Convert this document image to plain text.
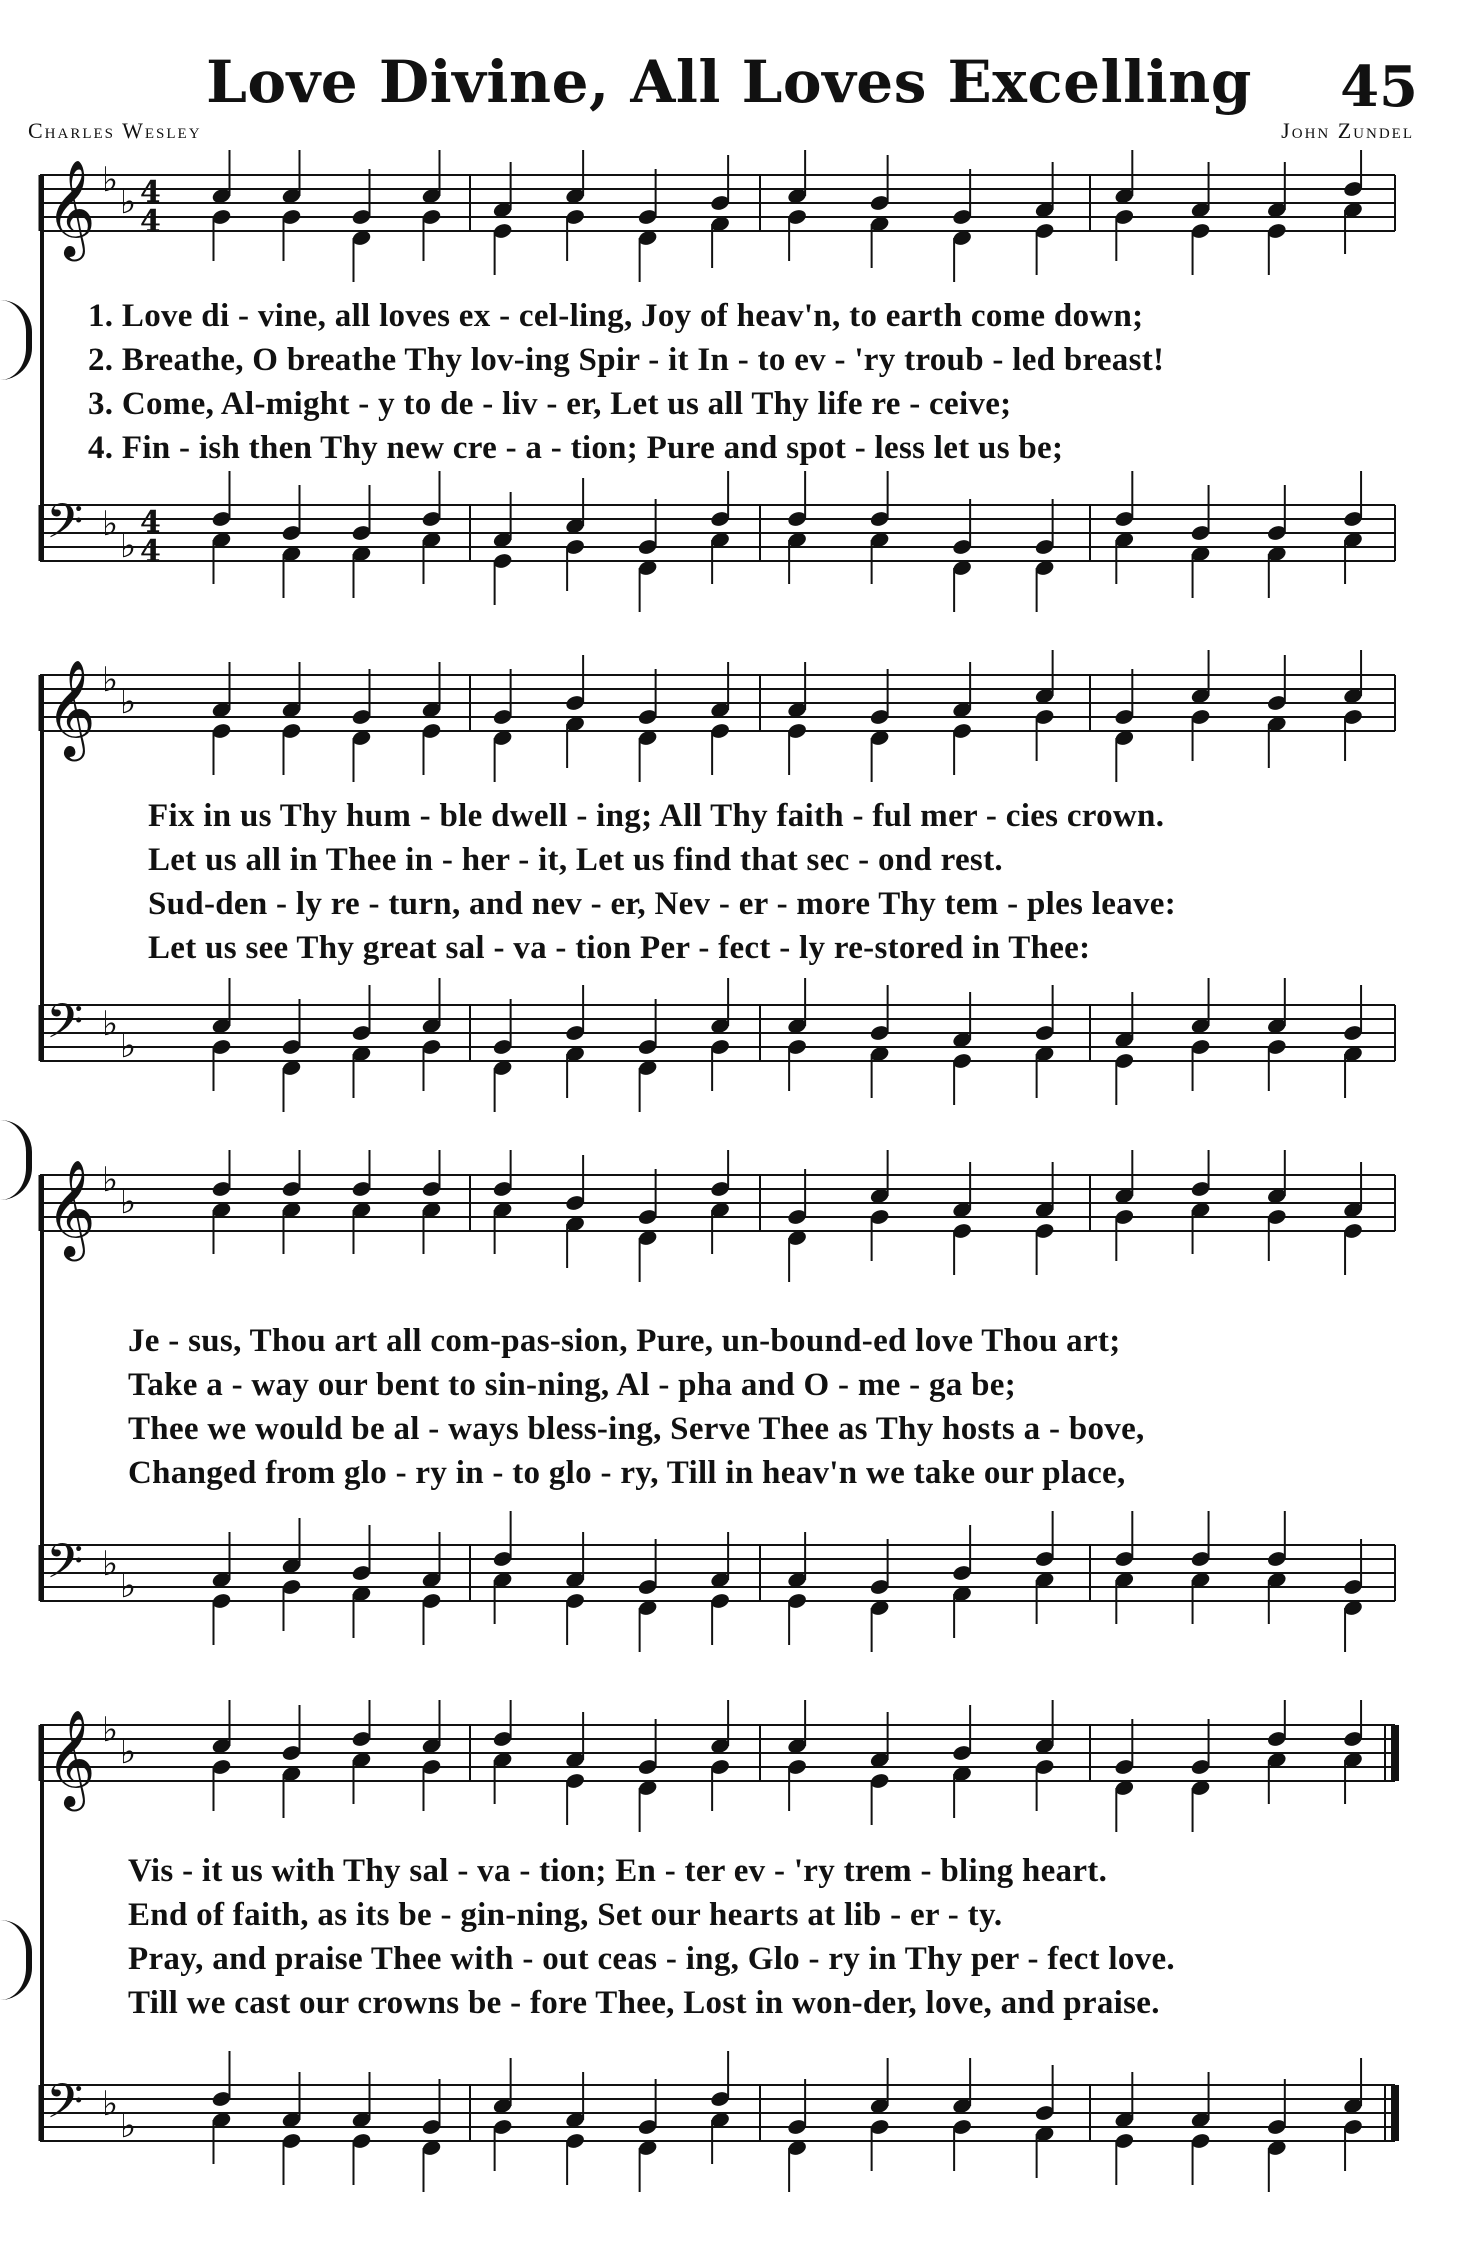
Love Divine, All Loves Excelling	45
Charles Wesley	John Zundel
𝄞 ♭
♭ 4
4
1. Love di - vine, all loves ex - cel-ling, Joy of heav'n, to earth come down;
2. Breathe, O breathe Thy lov-ing Spir - it In - to ev - 'ry troub - led breast!
3. Come, Al-might - y to de - liv - er, Let us all Thy life re - ceive;
4. Fin - ish then Thy new cre - a - tion; Pure and spot - less let us be;
𝄢 ♭
♭
4
4
𝄞 ♭
♭
Fix in us Thy hum - ble dwell - ing; All Thy faith - ful mer - cies crown.
Let us all in Thee in - her - it, Let us find that sec - ond rest.
Sud-den - ly re - turn, and nev - er, Nev - er - more Thy tem - ples leave:
Let us see Thy great sal - va - tion Per - fect - ly re-stored in Thee:
𝄢 ♭
♭
𝄞 ♭
♭
Je - sus, Thou art all com-pas-sion, Pure, un-bound-ed love Thou art;
Take a - way our bent to sin-ning, Al - pha and O - me - ga be;
Thee we would be al - ways bless-ing, Serve Thee as Thy hosts a - bove,
Changed from glo - ry in - to glo - ry, Till in heav'n we take our place,
𝄢 ♭
♭
𝄞 ♭
♭
Vis - it us with Thy sal - va - tion; En - ter ev - 'ry trem - bling heart.
End of faith, as its be - gin-ning, Set our hearts at lib - er - ty.
Pray, and praise Thee with - out ceas - ing, Glo - ry in Thy per - fect love.
Till we cast our crowns be - fore Thee, Lost in won-der, love, and praise.
𝄢 ♭
♭
